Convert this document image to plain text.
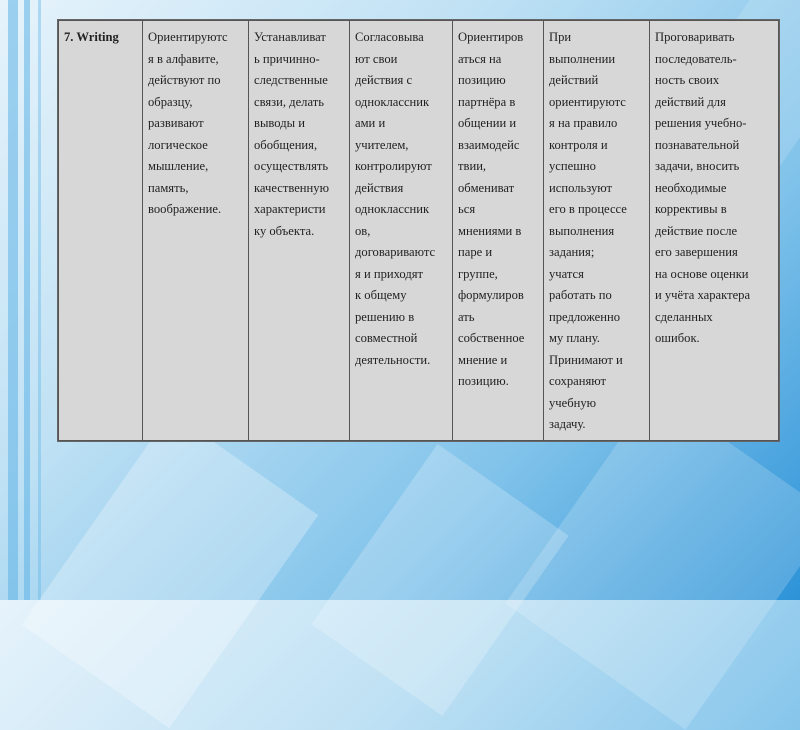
7. Writing	Ориентируютс
я в алфавите,
действуют по
образцу,
развивают
логическое
мышление,
память,
воображение.	Устанавливат
ь причинно-
следственные
связи, делать
выводы и
обобщения,
осуществлять
качественную
характеристи
ку объекта.	Согласовыва
ют свои
действия с
одноклассник
ами и
учителем,
контролируют
действия
одноклассник
ов,
договариваютс
я и приходят
к общему
решению в
совместной
деятельности.	Ориентиров
аться на
позицию
партнёра в
общении и
взаимодейс
твии,
обмениват
ься
мнениями в
паре и
группе,
формулиров
ать
собственное
мнение и
позицию.	При
выполнении
действий
ориентируютс
я на правило
контроля и
успешно
используют
его в процессе
выполнения
задания;
учатся
работать по
предложенно
му плану.
Принимают и
сохраняют
учебную
задачу.	Проговаривать
последователь-
ность своих
действий для
решения учебно-
познавательной
задачи, вносить
необходимые
коррективы в
действие после
его завершения
на основе оценки
и учёта характера
сделанных
ошибок.
